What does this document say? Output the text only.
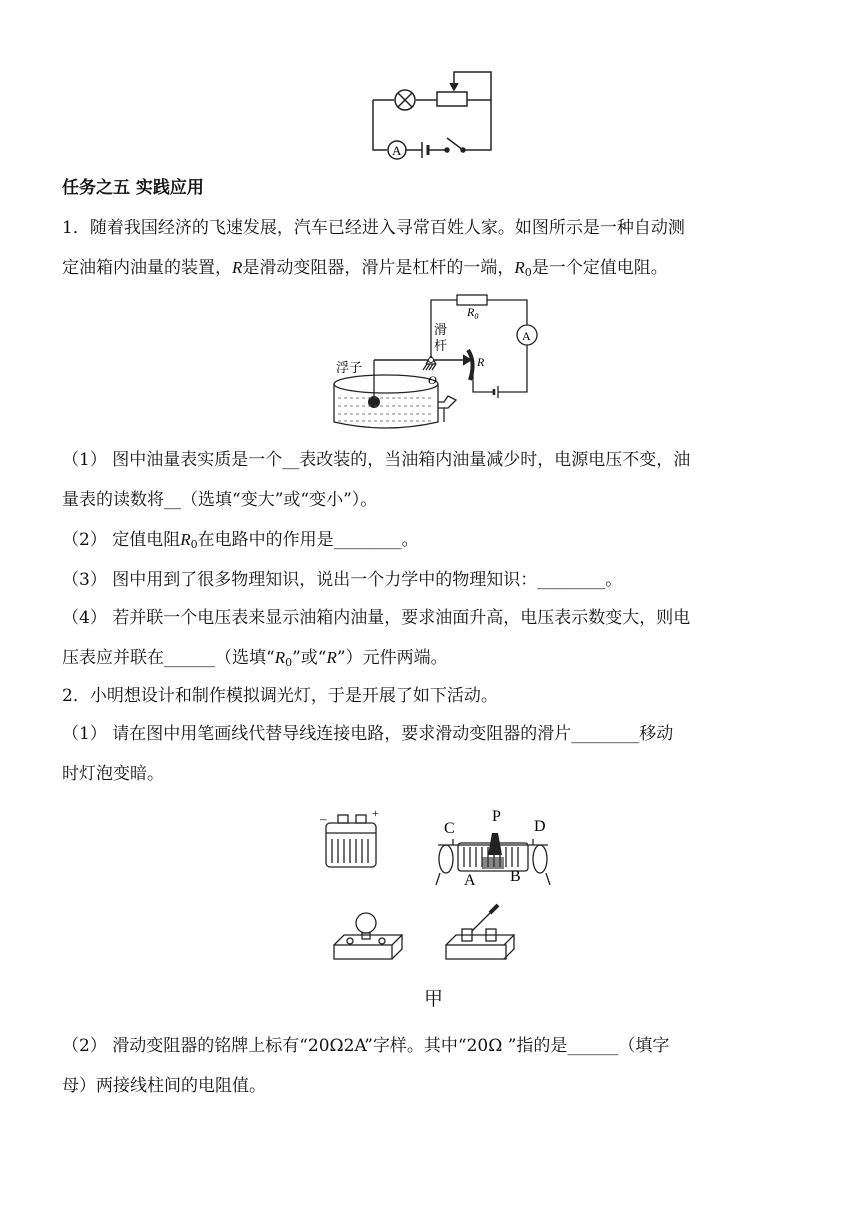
A
任务之五 实践应用
1．随着我国经济的飞速发展，汽车已经进入寻常百姓人家。如图所示是一种自动测
定油箱内油量的装置，R是滑动变阻器，滑片是杠杆的一端，$R_0$是一个定值电阻。
$R_0$
A
滑
杆
浮子
O
R
（1） 图中油量表实质是一个__表改装的，当油箱内油量减少时，电源电压不变，油
量表的读数将__（选填“变大”或“变小”）。
（2） 定值电阻$R_0$在电路中的作用是________。
（3） 图中用到了很多物理知识，说出一个力学中的物理知识：________。
（4） 若并联一个电压表来显示油箱内油量，要求油面升高，电压表示数变大，则电
压表应并联在______（选填“$R_0$”或“R”）元件两端。
2．小明想设计和制作模拟调光灯，于是开展了如下活动。
（1） 请在图中用笔画线代替导线连接电路，要求滑动变阻器的滑片________移动
时灯泡变暗。
–	+
C
P
D
A B
甲
（2） 滑动变阻器的铭牌上标有“20Ω2A”字样。其中“20Ω ”指的是______（填字
母）两接线柱间的电阻值。
